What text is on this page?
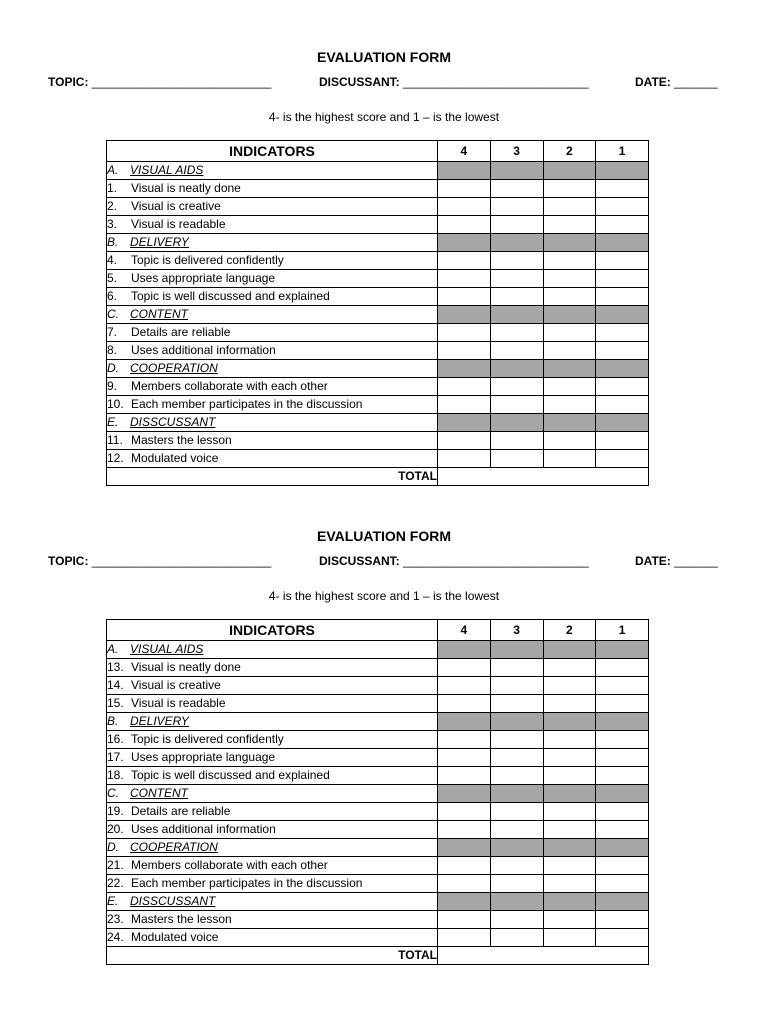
EVALUATION FORM
TOPIC: _____________________________	DISCUSSANT: ______________________________	DATE: _______
4- is the highest score and 1 – is the lowest
INDICATORS	4	3	2	1
A. VISUAL AIDS				
1. Visual is neatly done				
2. Visual is creative				
3. Visual is readable				
B. DELIVERY				
4. Topic is delivered confidently				
5. Uses appropriate language				
6. Topic is well discussed and explained				
C. CONTENT				
7. Details are reliable				
8. Uses additional information				
D. COOPERATION				
9. Members collaborate with each other				
10. Each member participates in the discussion				
E. DISSCUSSANT				
11. Masters the lesson				
12. Modulated voice				
TOTAL				
EVALUATION FORM
TOPIC: _____________________________	DISCUSSANT: ______________________________	DATE: _______
4- is the highest score and 1 – is the lowest
INDICATORS	4	3	2	1
A. VISUAL AIDS				
13. Visual is neatly done				
14. Visual is creative				
15. Visual is readable				
B. DELIVERY				
16. Topic is delivered confidently				
17. Uses appropriate language				
18. Topic is well discussed and explained				
C. CONTENT				
19. Details are reliable				
20. Uses additional information				
D. COOPERATION				
21. Members collaborate with each other				
22. Each member participates in the discussion				
E. DISSCUSSANT				
23. Masters the lesson				
24. Modulated voice				
TOTAL				
